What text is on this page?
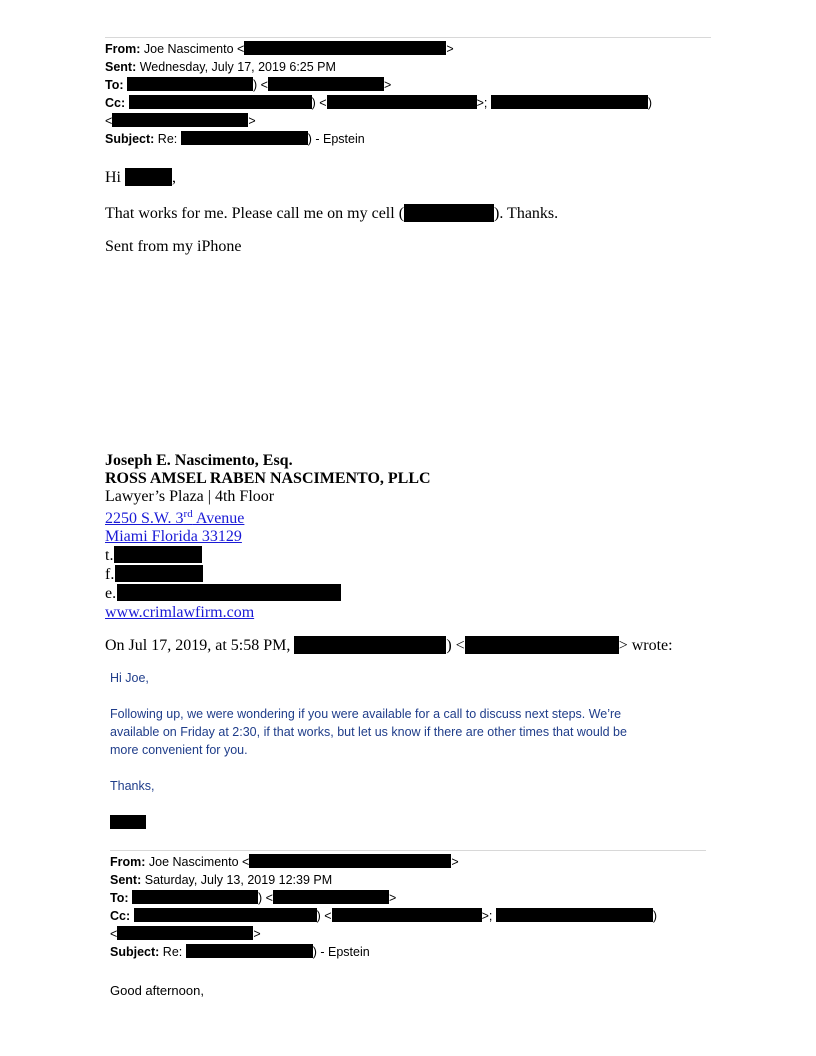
From: Joe Nascimento <	>
Sent: Wednesday, July 17, 2019 6:25 PM
To:	) <	>
Cc:	) <	>;	)
<	>
Subject: Re:	) - Epstein
Hi	,
That works for me. Please call me on my cell (	). Thanks.
Sent from my iPhone
Joseph E. Nascimento, Esq.
ROSS AMSEL RABEN NASCIMENTO, PLLC
Lawyer’s Plaza | 4th Floor
2250 S.W. 3rd Avenue
Miami Florida 33129
t.
f.
e.
www.crimlawfirm.com
On Jul 17, 2019, at 5:58 PM,	) <	> wrote:
Hi Joe,
Following up, we were wondering if you were available for a call to discuss next steps. We’re
available on Friday at 2:30, if that works, but let us know if there are other times that would be
more convenient for you.
Thanks,
From: Joe Nascimento <	>
Sent: Saturday, July 13, 2019 12:39 PM
To:	) <	>
Cc:	) <	>;	)
<	>
Subject: Re:	) - Epstein
Good afternoon,
